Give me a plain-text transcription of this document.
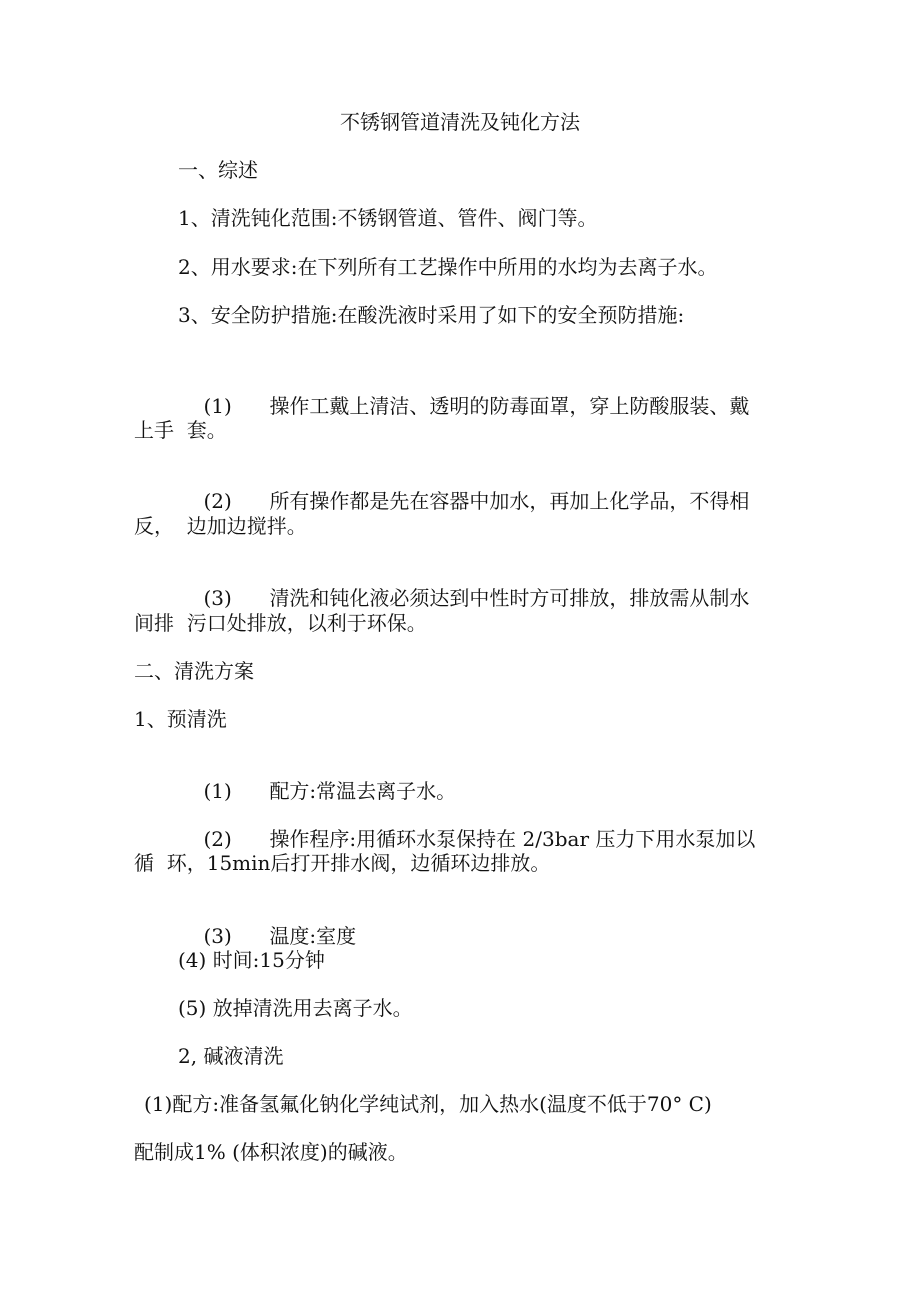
不锈钢管道清洗及钝化方法
一、综述
1、清洗钝化范围:不锈钢管道、管件、阀门等。
2、用水要求:在下列所有工艺操作中所用的水均为去离子水。
3、安全防护措施:在酸洗液时采用了如下的安全预防措施:

(1) 操作工戴上清洁、透明的防毒面罩，穿上防酸服装、戴

上手  套。

(2) 所有操作都是先在容器中加水，再加上化学品，不得相

反，  边加边搅拌。

(3) 清洗和钝化液必须达到中性时方可排放，排放需从制水

间排  污口处排放，以利于环保。
二、清洗方案
1、预清洗

(1) 配方:常温去离子水。

(2) 操作程序:用循环水泵保持在 2/3bar 压力下用水泵加以

循  环，15min后打开排水阀，边循环边排放。

(3) 温度:室度

(4) 时间:15分钟
(5) 放掉清洗用去离子水。
2, 碱液清洗
(1)配方:准备氢氟化钠化学纯试剂，加入热水(温度不低于70° C)
配制成1% (体积浓度)的碱液。
